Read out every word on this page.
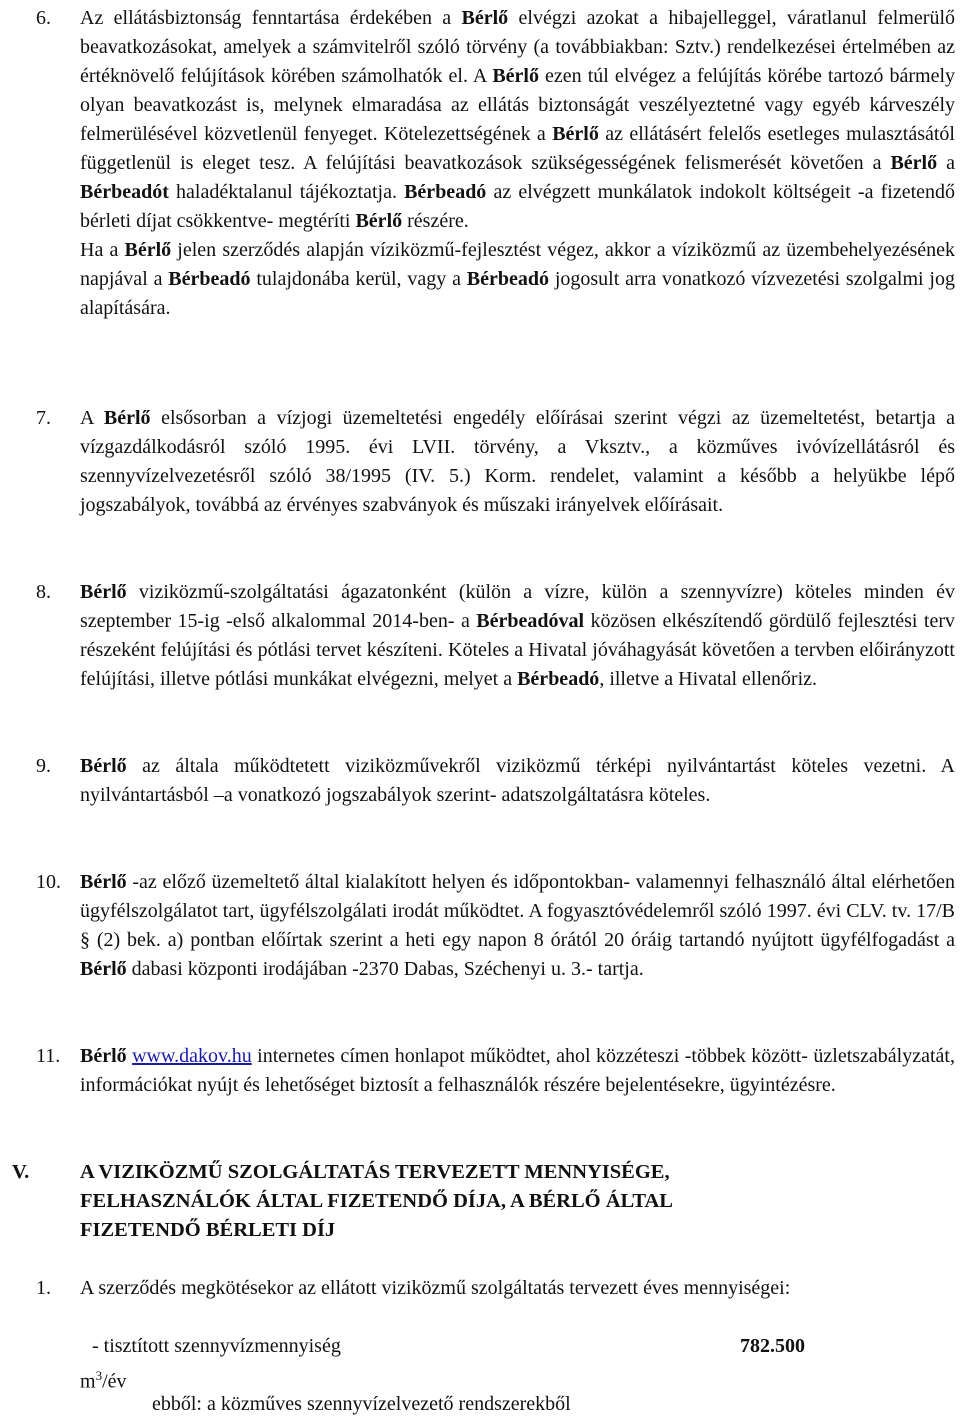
6. Az ellátásbiztonság fenntartása érdekében a Bérlő elvégzi azokat a hibajelleggel, váratlanul felmerülő beavatkozásokat, amelyek a számvitelről szóló törvény (a továbbiakban: Sztv.) rendelkezései értelmében az értéknövelő felújítások körében számolhatók el. A Bérlő ezen túl elvégez a felújítás körébe tartozó bármely olyan beavatkozást is, melynek elmaradása az ellátás biztonságát veszélyeztetné vagy egyéb kárveszély felmerülésével közvetlenül fenyeget. Kötelezettségének a Bérlő az ellátásért felelős esetleges mulasztásától függetlenül is eleget tesz. A felújítási beavatkozások szükségességének felismerését követően a Bérlő a Bérbeadót haladéktalanul tájékoztatja. Bérbeadó az elvégzett munkálatok indokolt költségeit -a fizetendő bérleti díjat csökkentve- megtéríti Bérlő részére.
Ha a Bérlő jelen szerződés alapján víziközmű-fejlesztést végez, akkor a víziközmű az üzembehelyezésének napjával a Bérbeadó tulajdonába kerül, vagy a Bérbeadó jogosult arra vonatkozó vízvezetési szolgalmi jog alapítására.
7. A Bérlő elsősorban a vízjogi üzemeltetési engedély előírásai szerint végzi az üzemeltetést, betartja a vízgazdálkodásról szóló 1995. évi LVII. törvény, a Vksztv., a közműves ivóvízellátásról és szennyvízelvezetésről szóló 38/1995 (IV. 5.) Korm. rendelet, valamint a később a helyükbe lépő jogszabályok, továbbá az érvényes szabványok és műszaki irányelvek előírásait.
8. Bérlő viziközmű-szolgáltatási ágazatonként (külön a vízre, külön a szennyvízre) köteles minden év szeptember 15-ig -első alkalommal 2014-ben- a Bérbeadóval közösen elkészítendő gördülő fejlesztési terv részeként felújítási és pótlási tervet készíteni. Köteles a Hivatal jóváhagyását követően a tervben előirányzott felújítási, illetve pótlási munkákat elvégezni, melyet a Bérbeadó, illetve a Hivatal ellenőriz.
9. Bérlő az általa működtetett viziközművekről viziközmű térképi nyilvántartást köteles vezetni. A nyilvántartásból –a vonatkozó jogszabályok szerint- adatszolgáltatásra köteles.
10. Bérlő -az előző üzemeltető által kialakított helyen és időpontokban- valamennyi felhasználó által elérhetően ügyfélszolgálatot tart, ügyfélszolgálati irodát működtet. A fogyasztóvédelemről szóló 1997. évi CLV. tv. 17/B § (2) bek. a) pontban előírtak szerint a heti egy napon 8 órától 20 óráig tartandó nyújtott ügyfélfogadást a Bérlő dabasi központi irodájában -2370 Dabas, Széchenyi u. 3.- tartja.
11. Bérlő www.dakov.hu internetes címen honlapot működtet, ahol közzéteszi -többek között- üzletszabályzatát, információkat nyújt és lehetőséget biztosít a felhasználók részére bejelentésekre, ügyintézésre.
V. A VIZIKÖZMŰ SZOLGÁLTATÁS TERVEZETT MENNYISÉGE,
FELHASZNÁLÓK ÁLTAL FIZETENDŐ DÍJA, A BÉRLŐ ÁLTAL
FIZETENDŐ BÉRLETI DÍJ
1. A szerződés megkötésekor az ellátott viziközmű szolgáltatás tervezett éves mennyiségei:

- tisztított szennyvízmennyiség	782.500
$m^3/év$
ebből: a közműves szennyvízelvezető rendszerekből
